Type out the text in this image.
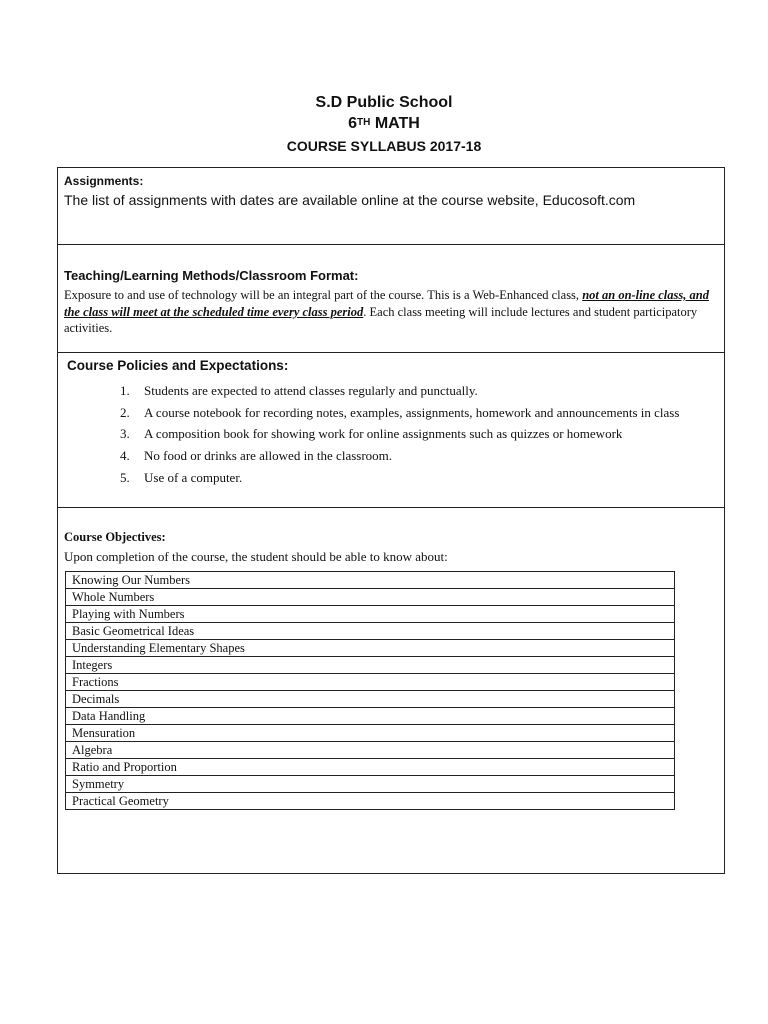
S.D Public School
6TH MATH
COURSE SYLLABUS 2017-18
Assignments:
The list of assignments with dates are available online at the course website, Educosoft.com
Teaching/Learning Methods/Classroom Format:
Exposure to and use of technology will be an integral part of the course. This is a Web-Enhanced class, not an on-line class, and the class will meet at the scheduled time every class period. Each class meeting will include lectures and student participatory activities.
Course Policies and Expectations:
1. Students are expected to attend classes regularly and punctually.
2. A course notebook for recording notes, examples, assignments, homework and announcements in class
3. A composition book for showing work for online assignments such as quizzes or homework
4. No food or drinks are allowed in the classroom.
5. Use of a computer.
Course Objectives:
Upon completion of the course, the student should be able to know about:
Knowing Our Numbers
Whole Numbers
Playing with Numbers
Basic Geometrical Ideas
Understanding Elementary Shapes
Integers
Fractions
Decimals
Data Handling
Mensuration
Algebra
Ratio and Proportion
Symmetry
Practical Geometry
